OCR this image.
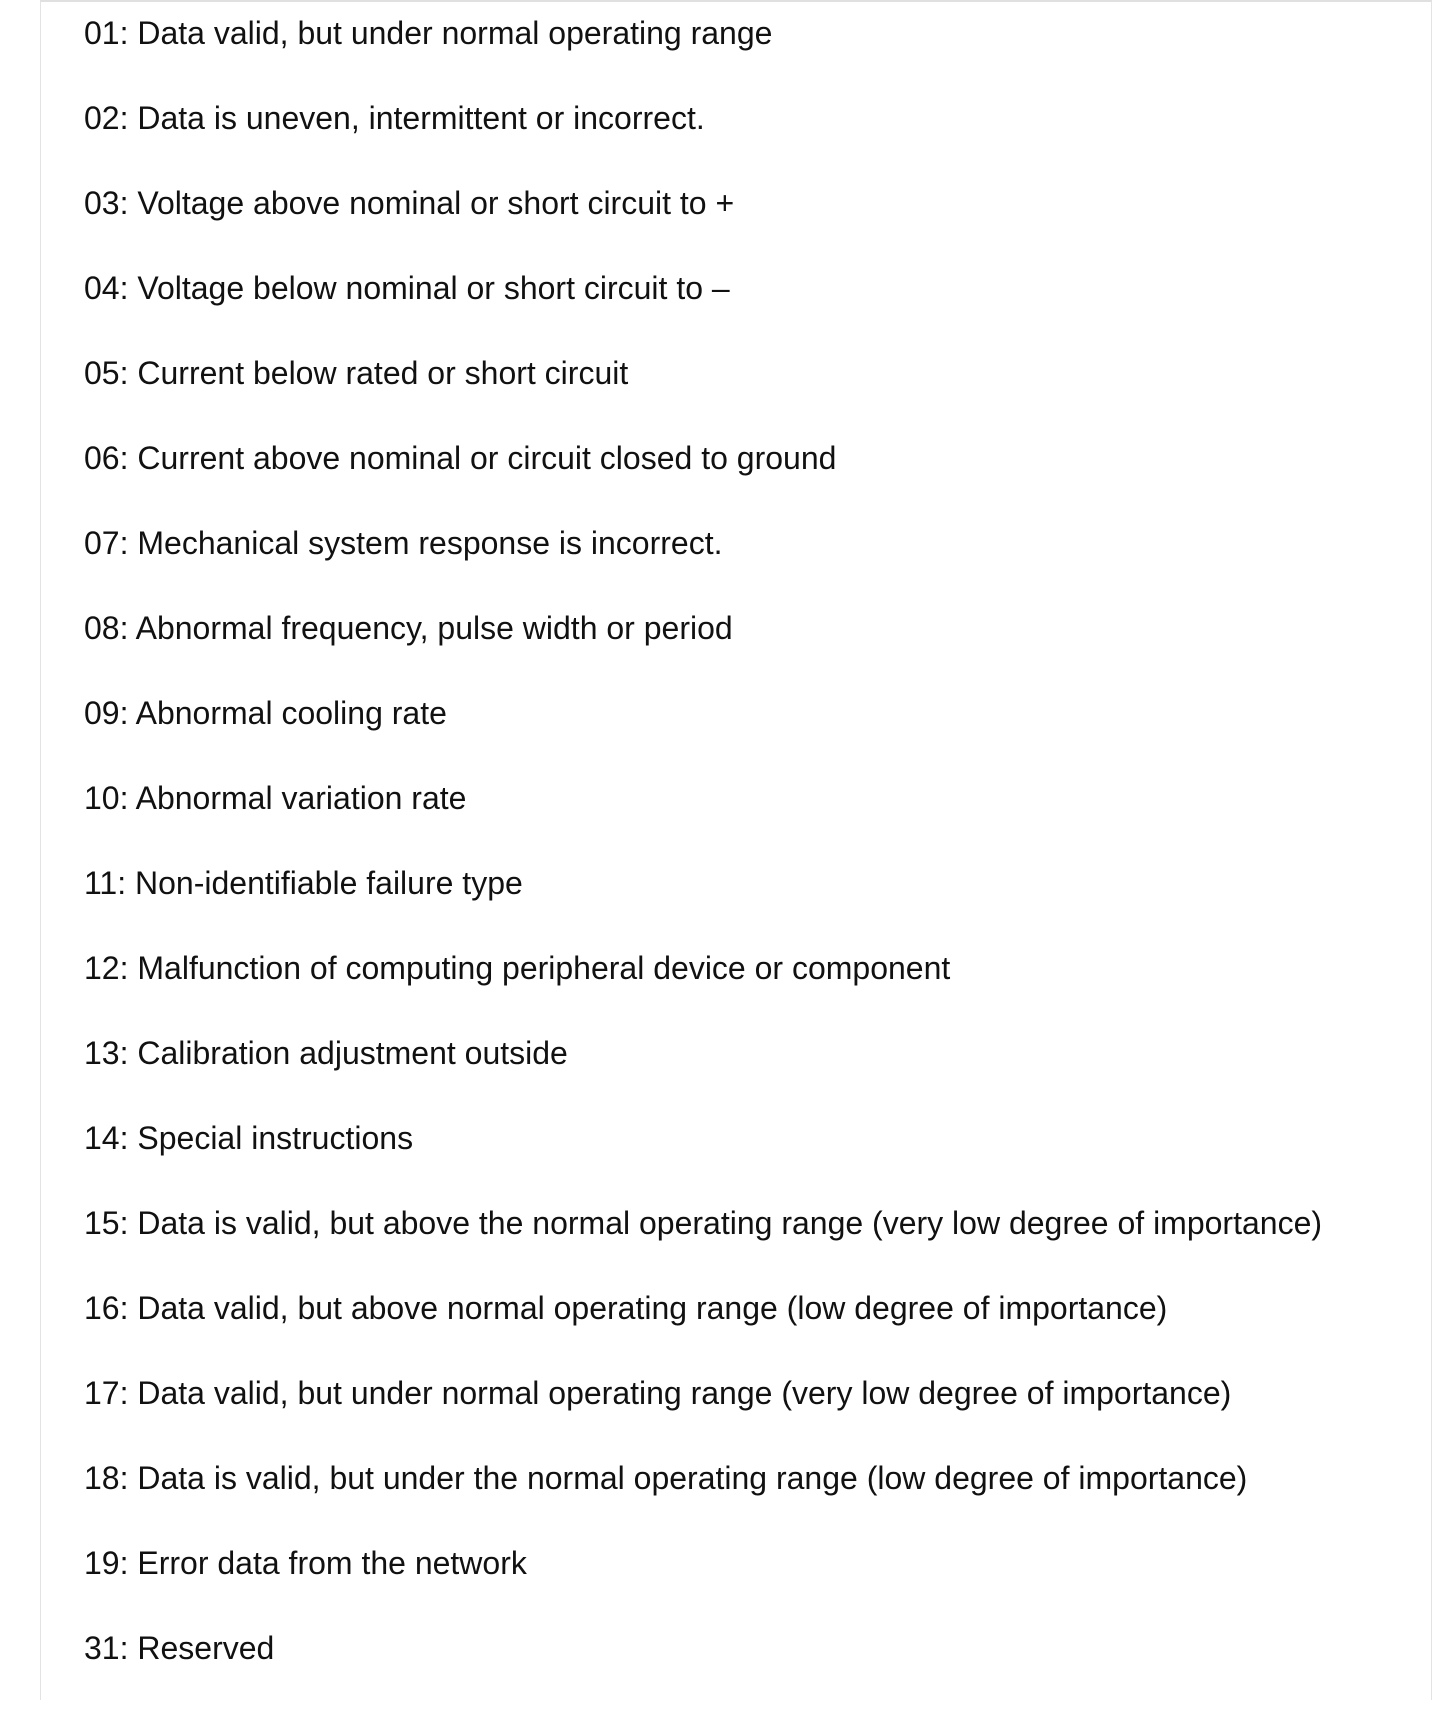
01: Data valid, but under normal operating range
02: Data is uneven, intermittent or incorrect.
03: Voltage above nominal or short circuit to +
04: Voltage below nominal or short circuit to –
05: Current below rated or short circuit
06: Current above nominal or circuit closed to ground
07: Mechanical system response is incorrect.
08: Abnormal frequency, pulse width or period
09: Abnormal cooling rate
10: Abnormal variation rate
11: Non-identifiable failure type
12: Malfunction of computing peripheral device or component
13: Calibration adjustment outside
14: Special instructions
15: Data is valid, but above the normal operating range (very low degree of importance)
16: Data valid, but above normal operating range (low degree of importance)
17: Data valid, but under normal operating range (very low degree of importance)
18: Data is valid, but under the normal operating range (low degree of importance)
19: Error data from the network
31: Reserved
